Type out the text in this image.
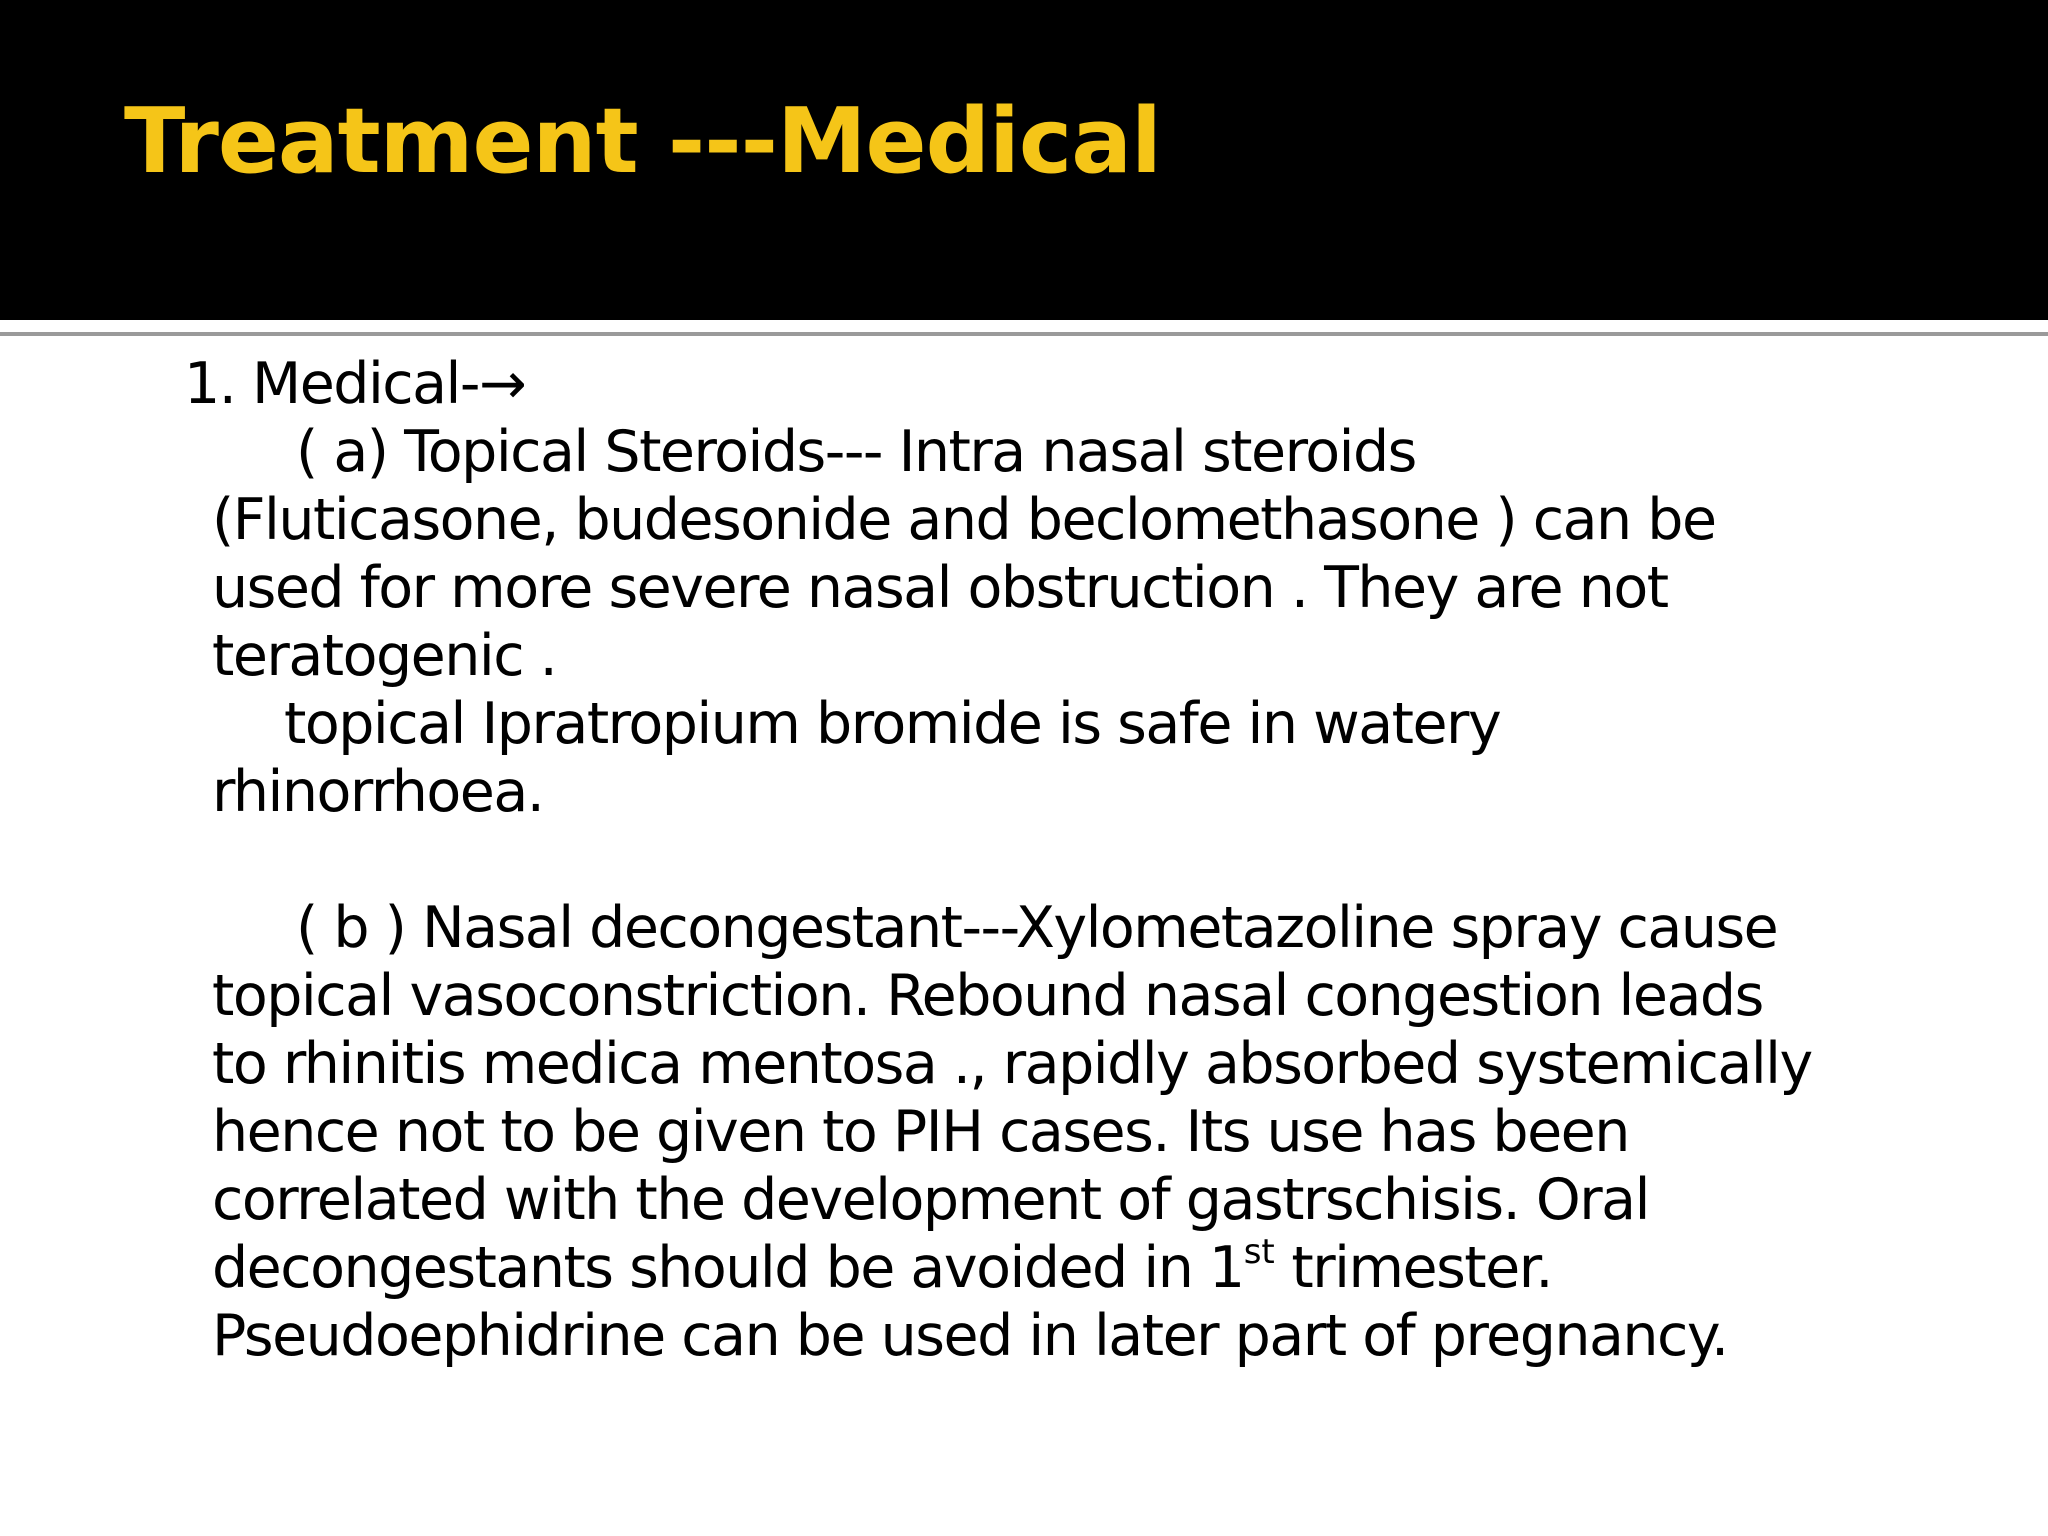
Treatment ---Medical
1. Medical-→
( a) Topical Steroids--- Intra nasal steroids
(Fluticasone, budesonide and beclomethasone ) can be
used for more severe nasal obstruction . They are not
teratogenic .
topical Ipratropium bromide is safe in watery
rhinorrhoea.
( b ) Nasal decongestant---Xylometazoline spray cause
topical vasoconstriction. Rebound nasal congestion leads
to rhinitis medica mentosa ., rapidly absorbed systemically
hence not to be given to PIH cases. Its use has been
correlated with the development of gastrschisis. Oral
decongestants should be avoided in 1st trimester.
Pseudoephidrine can be used in later part of pregnancy.
